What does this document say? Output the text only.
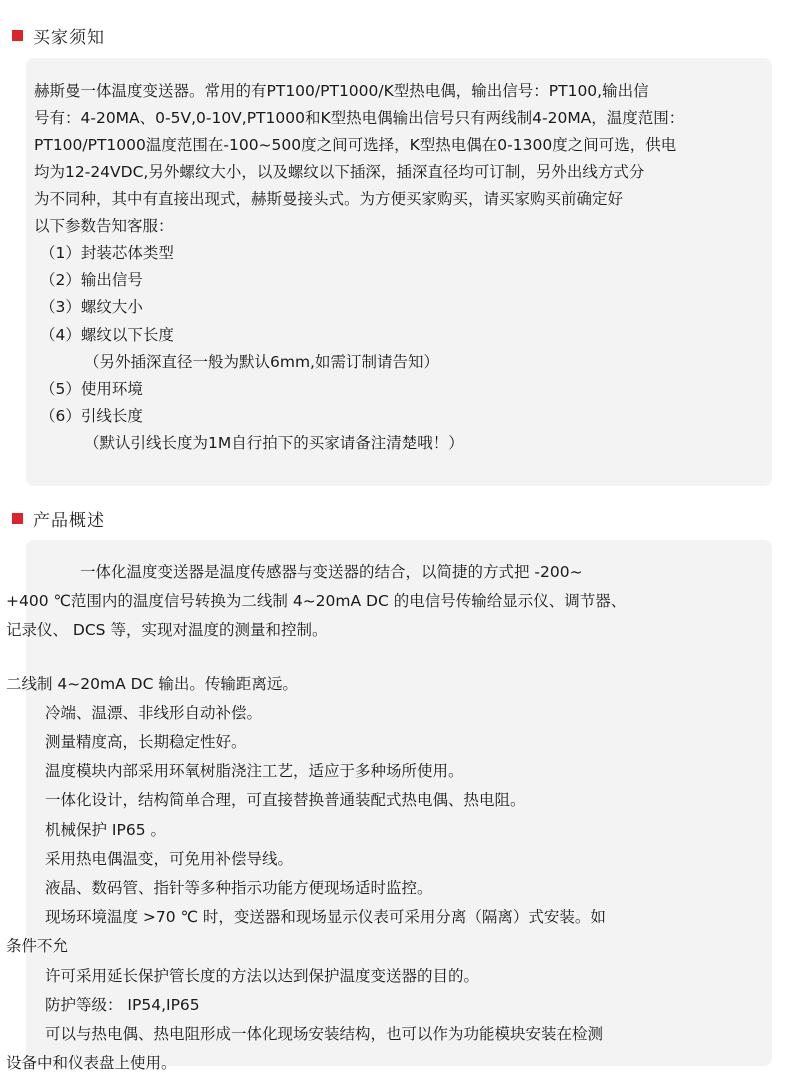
买家须知
赫斯曼一体温度变送器。常用的有PT100/PT1000/K型热电偶，输出信号：PT100,输出信
号有：4-20MA、0-5V,0-10V,PT1000和K型热电偶输出信号只有两线制4-20MA，温度范围：
PT100/PT1000温度范围在-100~500度之间可选择，K型热电偶在0-1300度之间可选，供电
均为12-24VDC,另外螺纹大小，以及螺纹以下插深，插深直径均可订制，另外出线方式分
为不同种，其中有直接出现式，赫斯曼接头式。为方便买家购买，请买家购买前确定好
以下参数告知客服：
（1）封装芯体类型
（2）输出信号
（3）螺纹大小
（4）螺纹以下长度
（另外插深直径一般为默认6mm,如需订制请告知）
（5）使用环境
（6）引线长度
（默认引线长度为1M自行拍下的买家请备注清楚哦！）
产品概述
一体化温度变送器是温度传感器与变送器的结合，以简捷的方式把 -200~
+400 ℃范围内的温度信号转换为二线制 4~20mA DC 的电信号传输给显示仪、调节器、
记录仪、 DCS 等，实现对温度的测量和控制。
二线制 4~20mA DC 输出。传输距离远。
冷端、温漂、非线形自动补偿。
测量精度高，长期稳定性好。
温度模块内部采用环氧树脂浇注工艺，适应于多种场所使用。
一体化设计，结构简单合理，可直接替换普通装配式热电偶、热电阻。
机械保护 IP65 。
采用热电偶温变，可免用补偿导线。
液晶、数码管、指针等多种指示功能方便现场适时监控。
现场环境温度 >70 ℃ 时，变送器和现场显示仪表可采用分离（隔离）式安装。如
条件不允
许可采用延长保护管长度的方法以达到保护温度变送器的目的。
防护等级： IP54,IP65
可以与热电偶、热电阻形成一体化现场安装结构，也可以作为功能模块安装在检测
设备中和仪表盘上使用。
